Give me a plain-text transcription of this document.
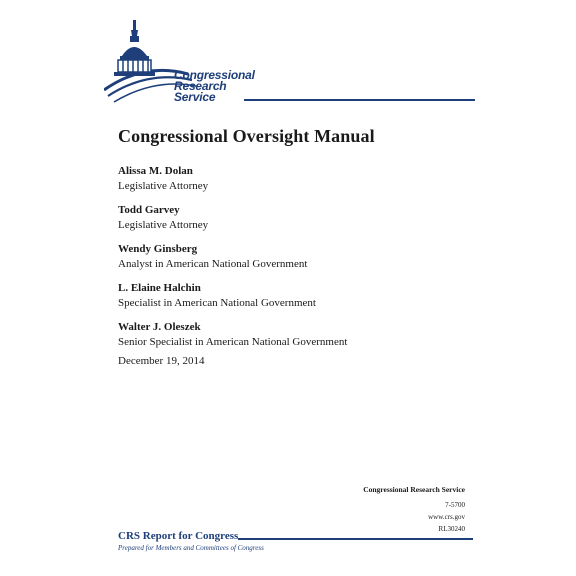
Congressional
Research
Service
Congressional Oversight Manual
Alissa M. Dolan
Legislative Attorney
Todd Garvey
Legislative Attorney
Wendy Ginsberg
Analyst in American National Government
L. Elaine Halchin
Specialist in American National Government
Walter J. Oleszek
Senior Specialist in American National Government
December 19, 2014
Congressional Research Service
7-5700
www.crs.gov
RL30240
CRS Report for Congress
Prepared for Members and Committees of Congress
